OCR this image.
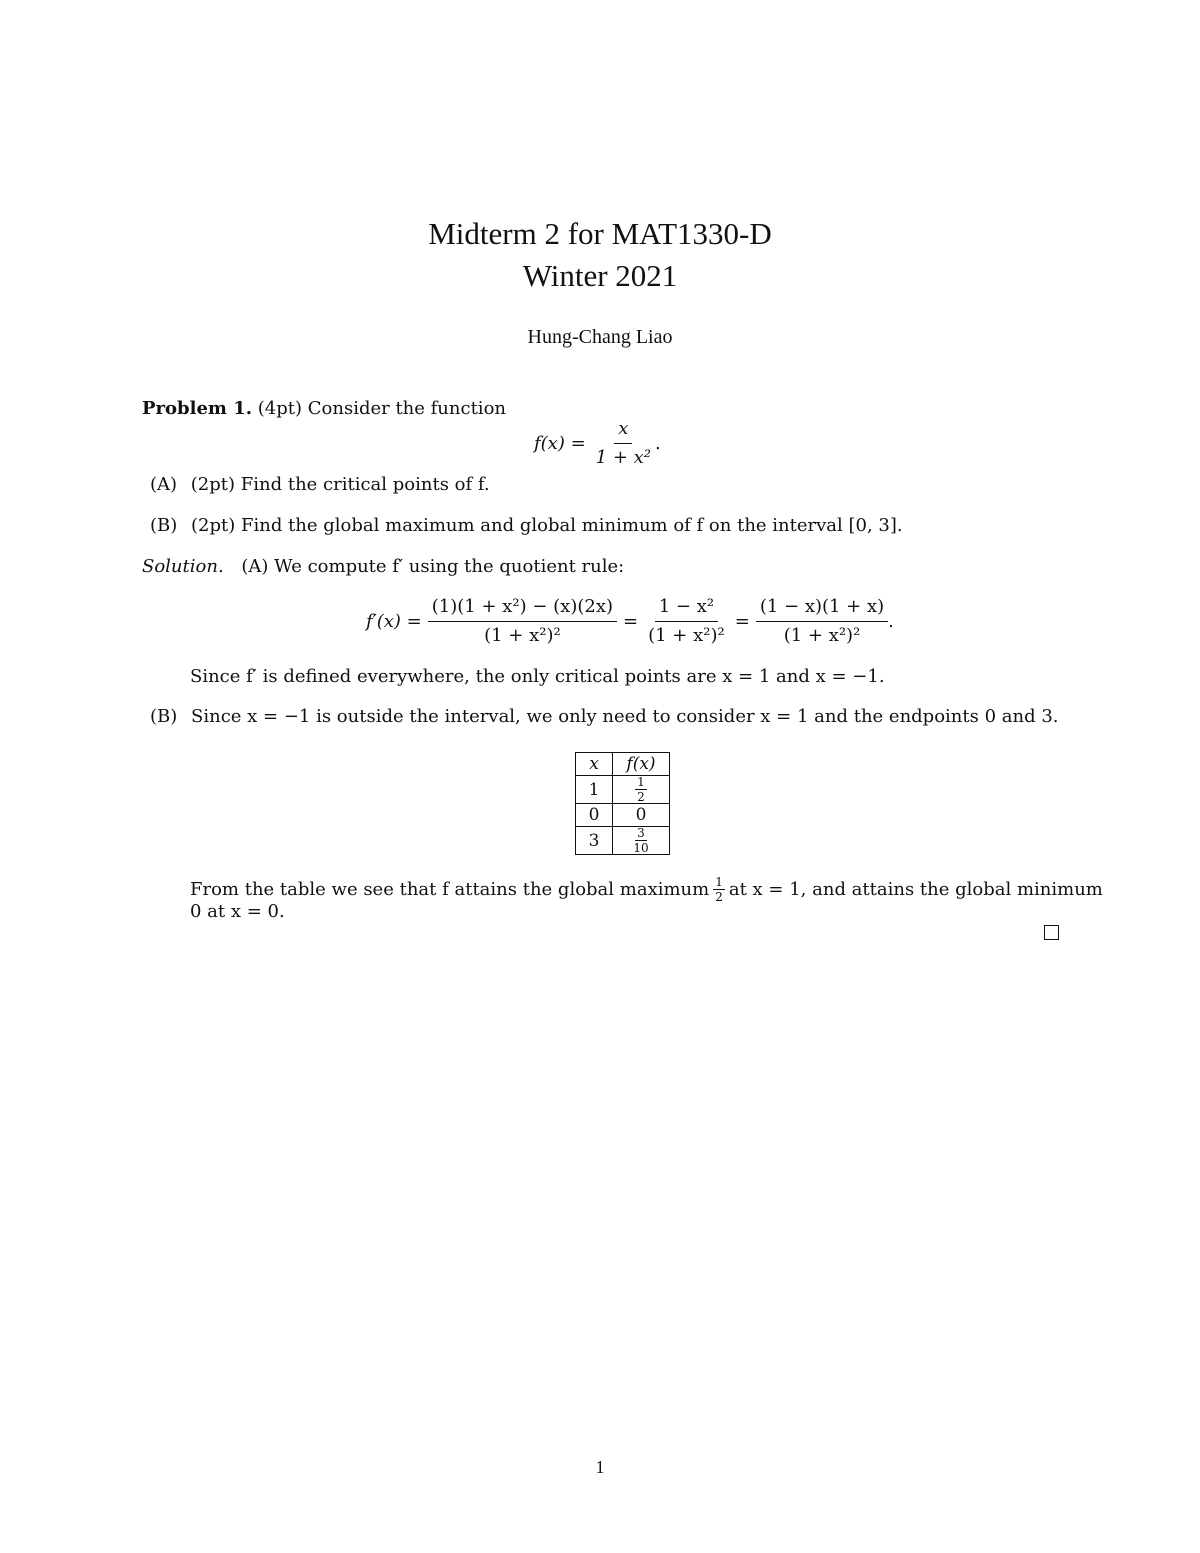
Midterm 2 for MAT1330-D
Winter 2021
Hung-Chang Liao
Problem 1. (4pt) Consider the function
$f(x) = \frac{x}{\text{1 + x²}}$ .
(A) (2pt) Find the critical points of f.
(B) (2pt) Find the global maximum and global minimum of f on the interval [0, 3].
Solution. (A) We compute f′ using the quotient rule:
$f'(x) = \frac{\text{(1)(1 + x²) − (x)(2x)}}{\text{(1 + x²)²}} = \frac{\text{1 − x²}}{\text{(1 + x²)²}} = \frac{(1 - x)(1 + x)}{\text{(1 + x²)²}}$ .
Since f′ is defined everywhere, the only critical points are x = 1 and x = −1.
(B) Since x = −1 is outside the interval, we only need to consider x = 1 and the endpoints 0 and 3.
x	f(x)
1	$\frac{1}{2}$

0	0
3	$\frac{3}{10}$
From the table we see that f attains the global maximum 1
2 at x = 1, and attains the global minimum
0 at x = 0.
1
